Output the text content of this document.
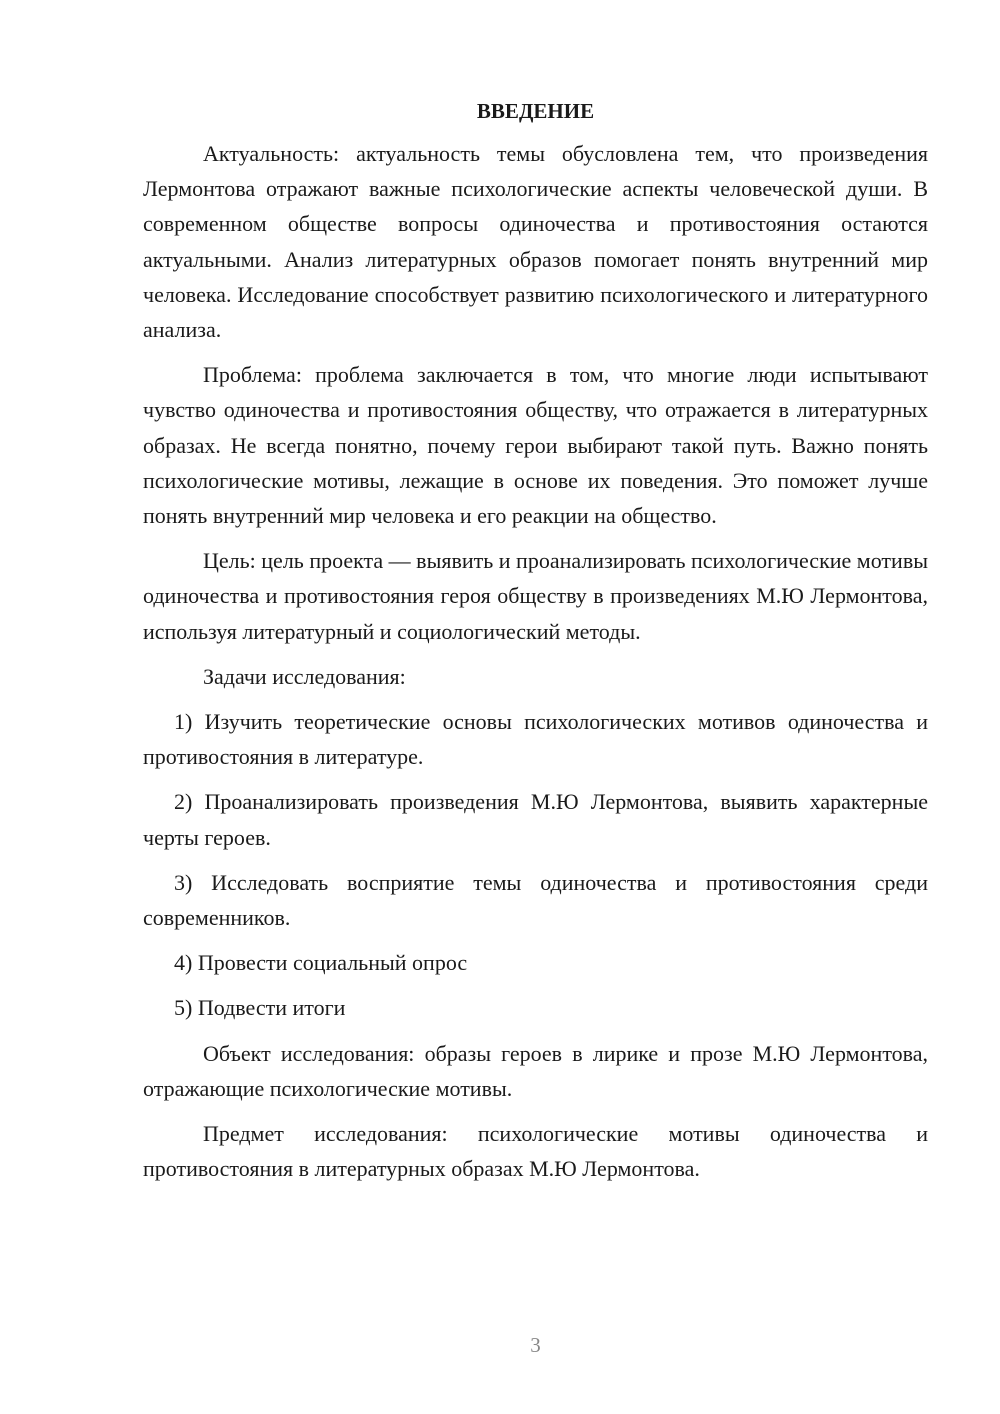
ВВЕДЕНИЕ

Актуальность: актуальность темы обусловлена тем, что произведения Лермонтова отражают важные психологические аспекты человеческой души. В современном обществе вопросы одиночества и противостояния остаются актуальными. Анализ литературных образов помогает понять внутренний мир человека. Исследование способствует развитию психологического и литературного анализа.

Проблема: проблема заключается в том, что многие люди испытывают чувство одиночества и противостояния обществу, что отражается в литературных образах. Не всегда понятно, почему герои выбирают такой путь. Важно понять психологические мотивы, лежащие в основе их поведения. Это поможет лучше понять внутренний мир человека и его реакции на общество.

Цель: цель проекта — выявить и проанализировать психологические мотивы одиночества и противостояния героя обществу в произведениях М.Ю Лермонтова, используя литературный и социологический методы.

Задачи исследования:

1) Изучить теоретические основы психологических мотивов одиночества и противостояния в литературе.

2) Проанализировать произведения М.Ю Лермонтова, выявить характерные черты героев.

3) Исследовать восприятие темы одиночества и противостояния среди современников.

4) Провести социальный опрос

5) Подвести итоги

Объект исследования: образы героев в лирике и прозе М.Ю Лермонтова, отражающие психологические мотивы.

Предмет исследования: психологические мотивы одиночества и противостояния в литературных образах М.Ю Лермонтова.

3
